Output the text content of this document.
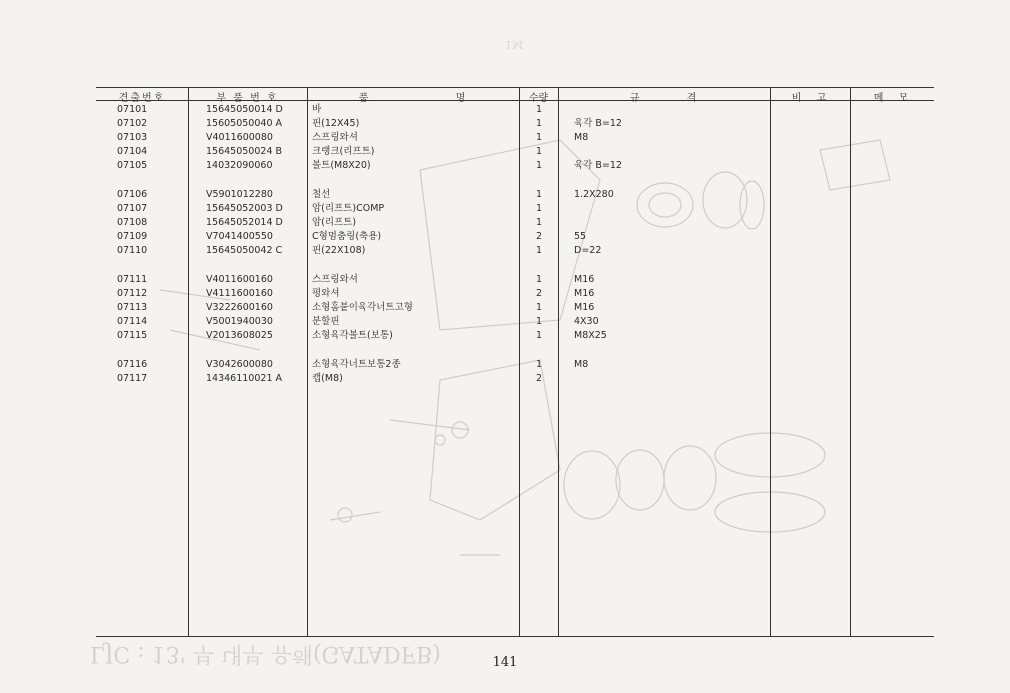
1M
LJC : 13' 부 내부 유해(GATADFB)
견출번호	부 품 번 호	품 명	수량	규 격	비 고	메 모
07101	15645050014 D	바	1
07102	15605050040 A	핀(12X45)	1	육각 B=12
07103	V4011600080	스프링와셔	1	M8
07104	15645050024 B	크랭크(리프트)	1
07105	14032090060	볼트(M8X20)	1	육각 B=12
07106	V5901012280	철선	1	1.2X280
07107	15645052003 D	암(리프트)COMP	1
07108	15645052014 D	암(리프트)	1
07109	V7041400550	C형멈춤링(축용)	2	55
07110	15645050042 C	핀(22X108)	1	D=22
07111	V4011600160	스프링와셔	1	M16
07112	V4111600160	평와셔	2	M16
07113	V3222600160	소형홈붙이육각너트고형	1	M16
07114	V5001940030	분할핀	1	4X30
07115	V2013608025	소형육각볼트(보통)	1	M8X25
07116	V3042600080	소형육각너트보통2종	1	M8
07117	14346110021 A	캡(M8)	2
141
